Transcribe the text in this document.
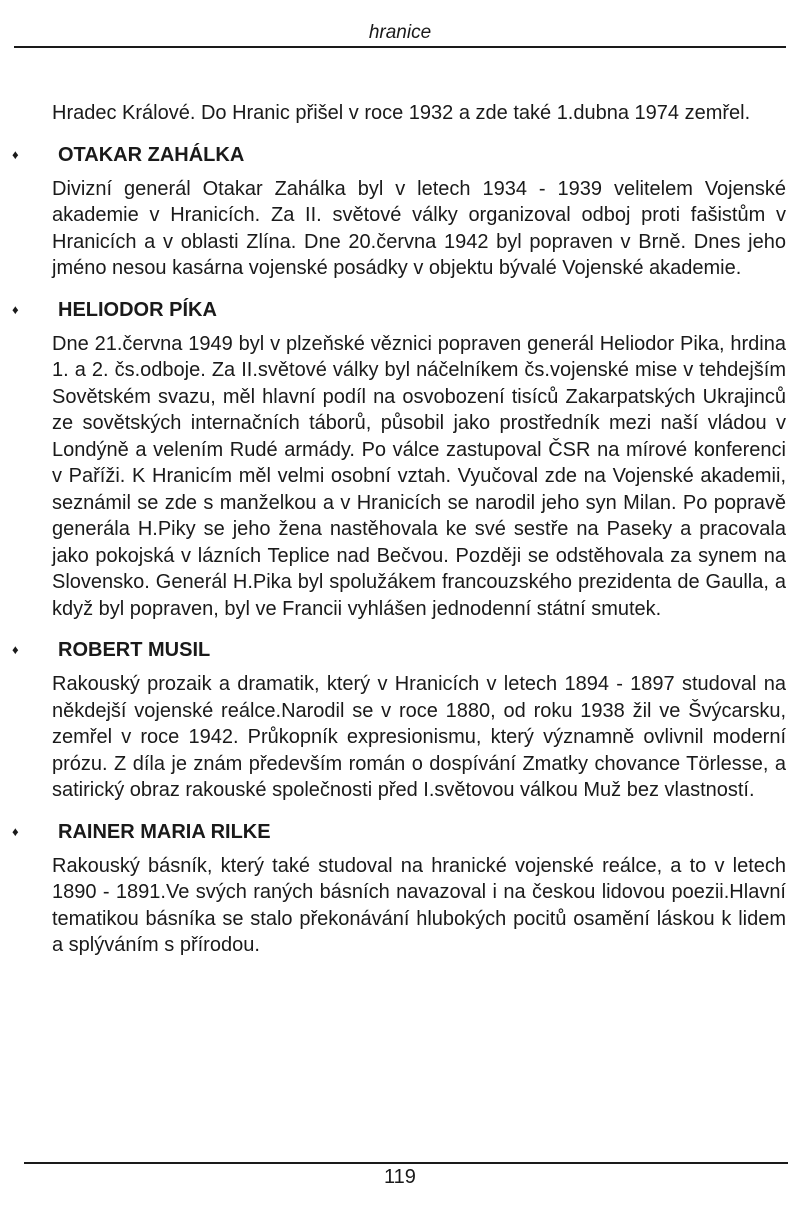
hranice

Hradec Králové. Do Hranic přišel v roce 1932 a zde také 1.dubna 1974 zemřel.

♦ OTAKAR ZAHÁLKA

Divizní generál Otakar Zahálka byl v letech 1934 - 1939 velitelem Vojenské akademie v Hranicích. Za II. světové války organizoval odboj proti fašistům v Hranicích a v oblasti Zlína. Dne 20.června 1942 byl popraven v Brně. Dnes jeho jméno nesou kasárna vojenské posádky v objektu bývalé Vojenské akademie.

♦ HELIODOR PÍKA

Dne 21.června 1949 byl v plzeňské věznici popraven generál Heliodor Pika, hrdina 1. a 2. čs.odboje. Za II.světové války byl náčelníkem čs.vojenské mise v tehdejším Sovětském svazu, měl hlavní podíl na osvobození tisíců Zakarpatských Ukrajinců ze sovětských internačních táborů, působil jako prostředník mezi naší vládou v Londýně a velením Rudé armády. Po válce zastupoval ČSR na mírové konferenci v Paříži. K Hranicím měl velmi osobní vztah. Vyučoval zde na Vojenské akademii, seznámil se zde s manželkou a v Hranicích se narodil jeho syn Milan. Po popravě generála H.Piky se jeho žena nastěhovala ke své sestře na Paseky a pracovala jako pokojská v lázních Teplice nad Bečvou. Později se odstěhovala za synem na Slovensko. Generál H.Pika byl spolužákem francouzského prezidenta de Gaulla, a když byl popraven, byl ve Francii vyhlášen jednodenní státní smutek.

♦ ROBERT MUSIL

Rakouský prozaik a dramatik, který v Hranicích v letech 1894 - 1897 studoval na někdejší vojenské reálce.Narodil se v roce 1880, od roku 1938 žil ve Švýcarsku, zemřel v roce 1942. Průkopník expresionismu, který významně ovlivnil moderní prózu. Z díla je znám především román o dospívání Zmatky chovance Törlesse, a satirický obraz rakouské společnosti před I.světovou válkou Muž bez vlastností.

♦ RAINER MARIA RILKE

Rakouský básník, který také studoval na hranické vojenské reálce, a to v letech 1890 - 1891.Ve svých raných básních navazoval i na českou lidovou poezii.Hlavní tematikou básníka se stalo překonávání hlubokých pocitů osamění láskou k lidem a splýváním s přírodou.

119
